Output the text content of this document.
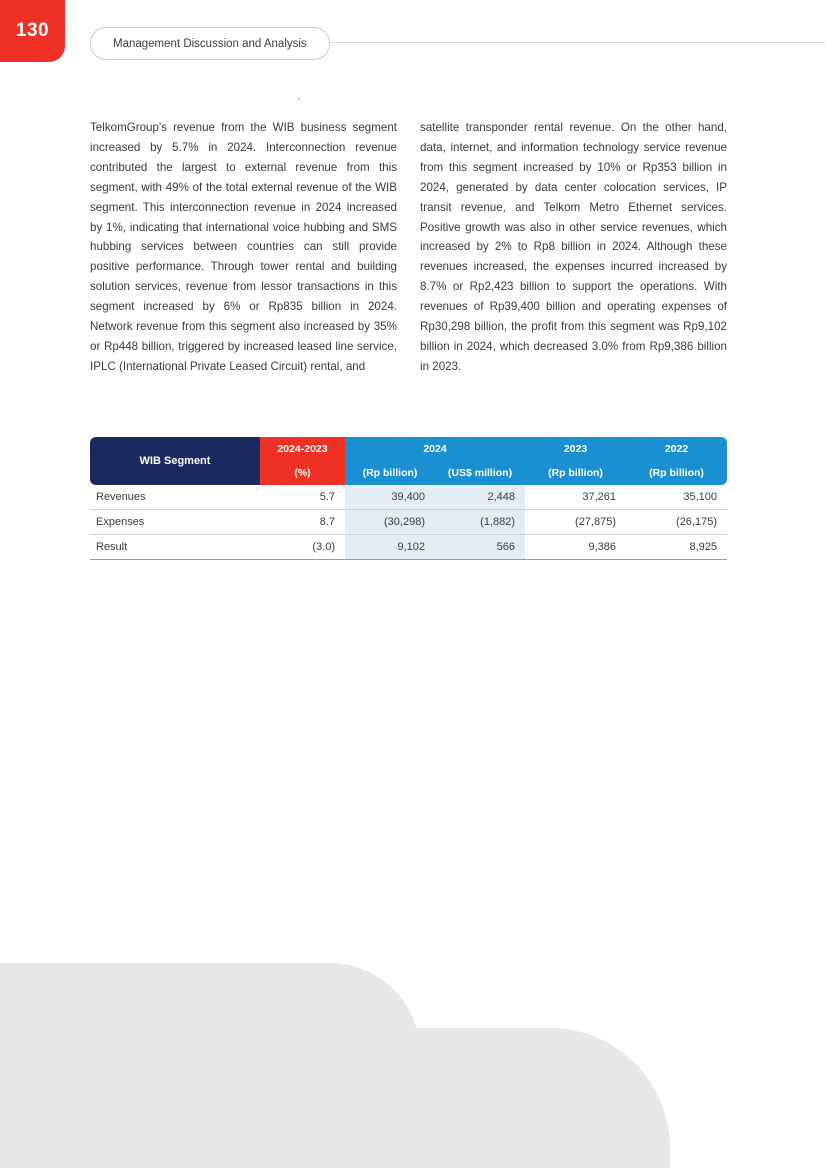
130
Management Discussion and Analysis

TelkomGroup's revenue from the WIB business segment increased by 5.7% in 2024. Interconnection revenue contributed the largest to external revenue from this segment, with 49% of the total external revenue of the WIB segment. This interconnection revenue in 2024 increased by 1%, indicating that international voice hubbing and SMS hubbing services between countries can still provide positive performance. Through tower rental and building solution services, revenue from lessor transactions in this segment increased by 6% or Rp835 billion in 2024. Network revenue from this segment also increased by 35% or Rp448 billion, triggered by increased leased line service, IPLC (International Private Leased Circuit) rental, and

satellite transponder rental revenue. On the other hand, data, internet, and information technology service revenue from this segment increased by 10% or Rp353 billion in 2024, generated by data center colocation services, IP transit revenue, and Telkom Metro Ethernet services. Positive growth was also in other service revenues, which increased by 2% to Rp8 billion in 2024. Although these revenues increased, the expenses incurred increased by 8.7% or Rp2,423 billion to support the operations. With revenues of Rp39,400 billion and operating expenses of Rp30,298 billion, the profit from this segment was Rp9,102 billion in 2024, which decreased 3.0% from Rp9,386 billion in 2023.

WIB Segment	2024-2023	2024		2023	2022
	(%)	(Rp billion)	(US$ million)	(Rp billion)	(Rp billion)
Revenues	5.7	39,400	2,448	37,261	35,100
Expenses	8.7	(30,298)	(1,882)	(27,875)	(26,175)
Result	(3.0)	9,102	566	9,386	8,925
